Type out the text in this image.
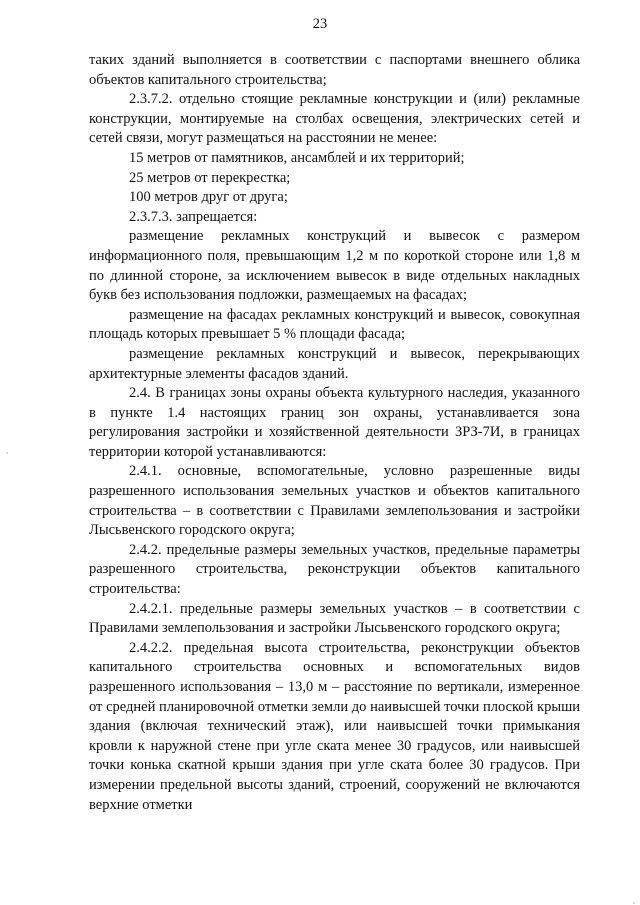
23

таких зданий выполняется в соответствии с паспортами внешнего облика объектов капитального строительства;

2.3.7.2. отдельно стоящие рекламные конструкции и (или) рекламные конструкции, монтируемые на столбах освещения, электрических сетей и сетей связи, могут размещаться на расстоянии не менее:

15 метров от памятников, ансамблей и их территорий;

25 метров от перекрестка;

100 метров друг от друга;

2.3.7.3. запрещается:

размещение рекламных конструкций и вывесок с размером информационного поля, превышающим 1,2 м по короткой стороне или 1,8 м по длинной стороне, за исключением вывесок в виде отдельных накладных букв без использования подложки, размещаемых на фасадах;

размещение на фасадах рекламных конструкций и вывесок, совокупная площадь которых превышает 5 % площади фасада;

размещение рекламных конструкций и вывесок, перекрывающих архитектурные элементы фасадов зданий.

2.4. В границах зоны охраны объекта культурного наследия, указанного в пункте 1.4 настоящих границ зон охраны, устанавливается зона регулирования застройки и хозяйственной деятельности ЗРЗ-7И, в границах территории которой устанавливаются:

2.4.1. основные, вспомогательные, условно разрешенные виды разрешенного использования земельных участков и объектов капитального строительства – в соответствии с Правилами землепользования и застройки Лысьвенского городского округа;

2.4.2. предельные размеры земельных участков, предельные параметры разрешенного строительства, реконструкции объектов капитального строительства:

2.4.2.1. предельные размеры земельных участков – в соответствии с Правилами землепользования и застройки Лысьвенского городского округа;

2.4.2.2. предельная высота строительства, реконструкции объектов капитального строительства основных и вспомогательных видов разрешенного использования – 13,0 м – расстояние по вертикали, измеренное от средней планировочной отметки земли до наивысшей точки плоской крыши здания (включая технический этаж), или наивысшей точки примыкания кровли к наружной стене при угле ската менее 30 градусов, или наивысшей точки конька скатной крыши здания при угле ската более 30 градусов. При измерении предельной высоты зданий, строений, сооружений не включаются верхние отметки
